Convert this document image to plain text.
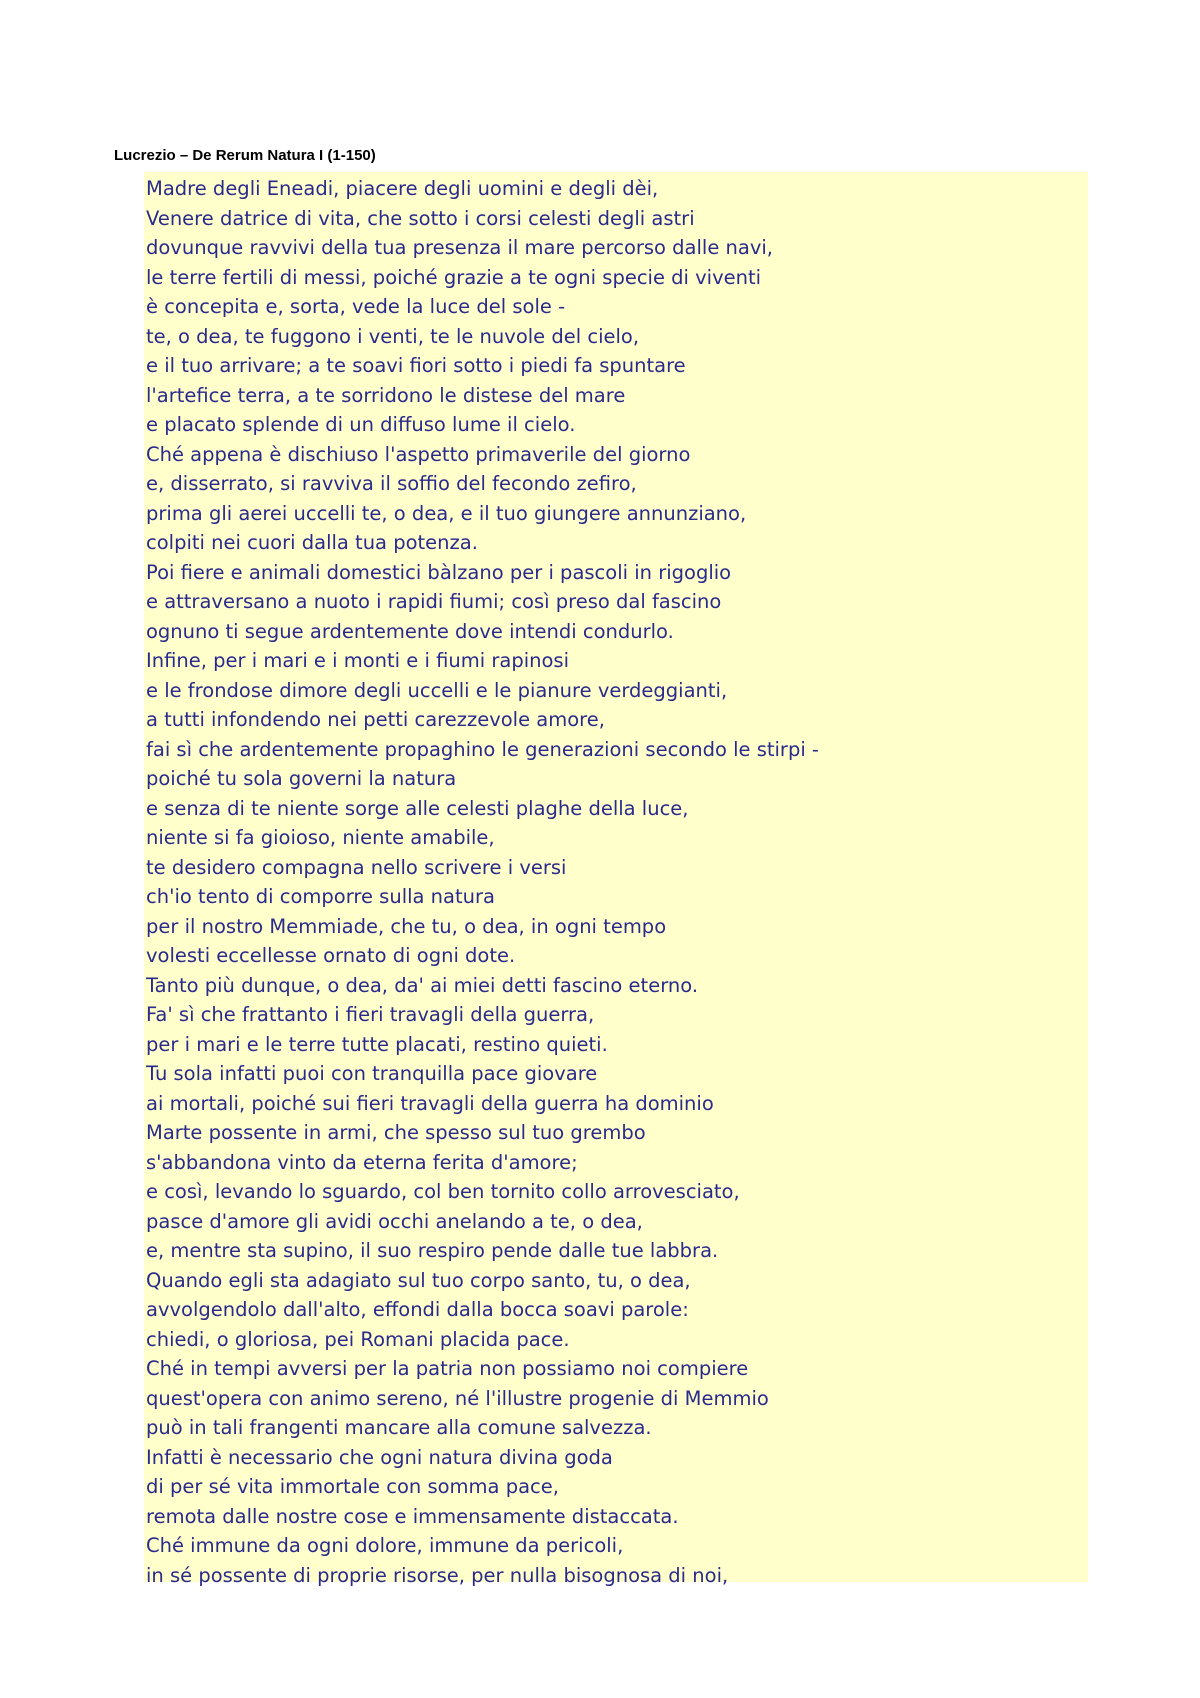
Lucrezio – De Rerum Natura I (1-150)
Madre degli Eneadi, piacere degli uomini e degli dèi,
Venere datrice di vita, che sotto i corsi celesti degli astri
dovunque ravvivi della tua presenza il mare percorso dalle navi,
le terre fertili di messi, poiché grazie a te ogni specie di viventi
è concepita e, sorta, vede la luce del sole -
te, o dea, te fuggono i venti, te le nuvole del cielo,
e il tuo arrivare; a te soavi fiori sotto i piedi fa spuntare
l'artefice terra, a te sorridono le distese del mare
e placato splende di un diffuso lume il cielo.
Ché appena è dischiuso l'aspetto primaverile del giorno
e, disserrato, si ravviva il soffio del fecondo zefiro,
prima gli aerei uccelli te, o dea, e il tuo giungere annunziano,
colpiti nei cuori dalla tua potenza.
Poi fiere e animali domestici bàlzano per i pascoli in rigoglio
e attraversano a nuoto i rapidi fiumi; così preso dal fascino
ognuno ti segue ardentemente dove intendi condurlo.
Infine, per i mari e i monti e i fiumi rapinosi
e le frondose dimore degli uccelli e le pianure verdeggianti,
a tutti infondendo nei petti carezzevole amore,
fai sì che ardentemente propaghino le generazioni secondo le stirpi -
poiché tu sola governi la natura
e senza di te niente sorge alle celesti plaghe della luce,
niente si fa gioioso, niente amabile,
te desidero compagna nello scrivere i versi
ch'io tento di comporre sulla natura
per il nostro Memmiade, che tu, o dea, in ogni tempo
volesti eccellesse ornato di ogni dote.
Tanto più dunque, o dea, da' ai miei detti fascino eterno.
Fa' sì che frattanto i fieri travagli della guerra,
per i mari e le terre tutte placati, restino quieti.
Tu sola infatti puoi con tranquilla pace giovare
ai mortali, poiché sui fieri travagli della guerra ha dominio
Marte possente in armi, che spesso sul tuo grembo
s'abbandona vinto da eterna ferita d'amore;
e così, levando lo sguardo, col ben tornito collo arrovesciato,
pasce d'amore gli avidi occhi anelando a te, o dea,
e, mentre sta supino, il suo respiro pende dalle tue labbra.
Quando egli sta adagiato sul tuo corpo santo, tu, o dea,
avvolgendolo dall'alto, effondi dalla bocca soavi parole:
chiedi, o gloriosa, pei Romani placida pace.
Ché in tempi avversi per la patria non possiamo noi compiere
quest'opera con animo sereno, né l'illustre progenie di Memmio
può in tali frangenti mancare alla comune salvezza.
Infatti è necessario che ogni natura divina goda
di per sé vita immortale con somma pace,
remota dalle nostre cose e immensamente distaccata.
Ché immune da ogni dolore, immune da pericoli,
in sé possente di proprie risorse, per nulla bisognosa di noi,
